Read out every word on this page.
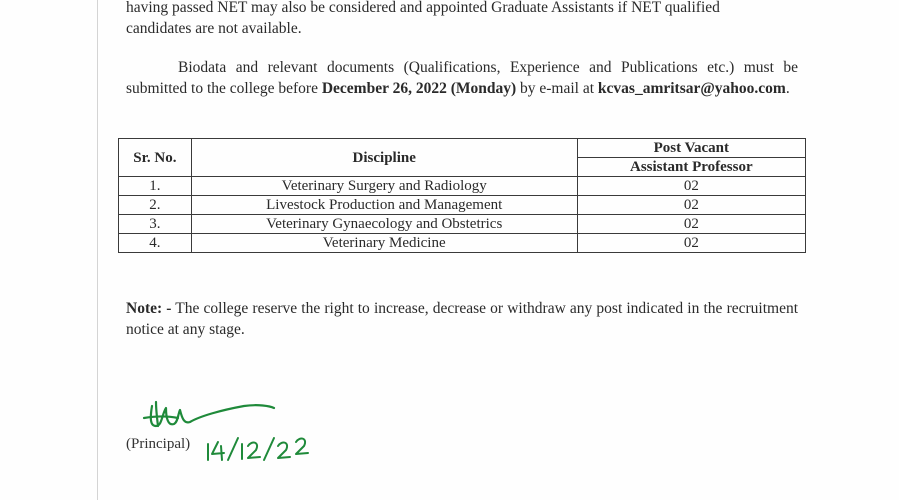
having passed NET may also be considered and appointed Graduate Assistants if NET qualified
candidates are not available.
Biodata and relevant documents (Qualifications, Experience and Publications etc.) must be submitted to the college before December 26, 2022 (Monday) by e-mail at kcvas_amritsar@yahoo.com.
Sr. No.	Discipline	Post Vacant
		Assistant Professor
1.	Veterinary Surgery and Radiology	02
2.	Livestock Production and Management	02
3.	Veterinary Gynaecology and Obstetrics	02
4.	Veterinary Medicine	02
Note: - The college reserve the right to increase, decrease or withdraw any post indicated in the recruitment notice at any stage.
(Principal)
